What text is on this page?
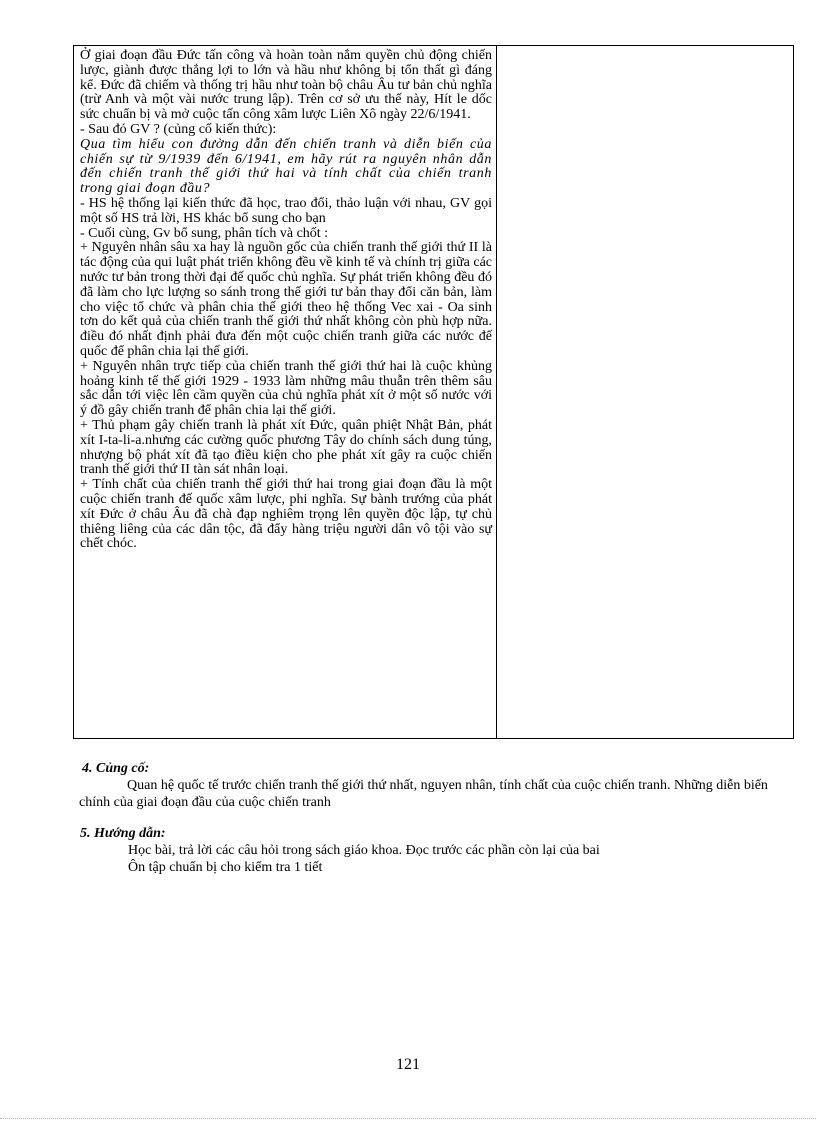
Ở giai đoạn đầu Đức tấn công và hoàn toàn nắm quyền chủ động chiến lược, giành được thắng lợi to lớn và hầu như không bị tổn thất gì đáng kể. Đức đã chiếm và thống trị hầu như toàn bộ châu Âu tư bản chủ nghĩa (trừ Anh và một vài nước trung lập). Trên cơ sở ưu thế này, Hít le dốc sức chuẩn bị và mở cuộc tấn công xâm lược Liên Xô ngày 22/6/1941.
- Sau đó GV ? (củng cố kiến thức):
Qua tìm hiểu con đường dẫn đến chiến tranh và diễn biến của chiến sự từ 9/1939 đến 6/1941, em hãy rút ra nguyên nhân dẫn đến chiến tranh thế giới thứ hai và tính chất của chiến tranh trong giai đoạn đầu?
- HS hệ thống lại kiến thức đã học, trao đổi, thảo luận với nhau, GV gọi một số HS trả lời, HS khác bổ sung cho bạn
- Cuối cùng, Gv bổ sung, phân tích và chốt :
+ Nguyên nhân sâu xa hay là nguồn gốc của chiến tranh thế giới thứ II là tác động của qui luật phát triển không đều về kinh tế và chính trị giữa các nước tư bản trong thời đại đế quốc chủ nghĩa. Sự phát triển không đều đó đã làm cho lực lượng so sánh trong thế giới tư bản thay đổi căn bản, làm cho việc tổ chức và phân chia thế giới theo hệ thống Vec xai - Oa sinh tơn do kết quả của chiến tranh thế giới thứ nhất không còn phù hợp nữa. điều đó nhất định phải đưa đến một cuộc chiến tranh giữa các nước đế quốc để phân chia lại thế giới.
+ Nguyên nhân trực tiếp của chiến tranh thế giới thứ hai là cuộc khủng hoảng kinh tế thế giới 1929 - 1933 làm những mâu thuẫn trên thêm sâu sắc dẫn tới việc lên cầm quyền của chủ nghĩa phát xít ở một số nước với ý đồ gây chiến tranh để phân chia lại thế giới.
+ Thủ phạm gây chiến tranh là phát xít Đức, quân phiệt Nhật Bản, phát xít I-ta-li-a.nhưng các cường quốc phương Tây do chính sách dung túng, nhượng bộ phát xít đã tạo điều kiện cho phe phát xít gây ra cuộc chiến tranh thế giới thứ II tàn sát nhân loại.
+ Tính chất của chiến tranh thế giới thứ hai trong giai đoạn đầu là một cuộc chiến tranh đế quốc xâm lược, phi nghĩa. Sự bành trướng của phát xít Đức ở châu Âu đã chà đạp nghiêm trọng lên quyền độc lập, tự chủ thiêng liêng của các dân tộc, đã đẩy hàng triệu người dân vô tội vào sự chết chóc.

4. Củng cố:
Quan hệ quốc tế trước chiến tranh thế giới thứ nhất, nguyen nhân, tính chất của cuộc chiến tranh. Những diễn biến chính của giai đoạn đầu của cuộc chiến tranh
5. Hướng dẫn:
Học bài, trả lời các câu hỏi trong sách giáo khoa. Đọc trước các phần còn lại của bai
Ôn tập chuẩn bị cho kiểm tra 1 tiết
121
